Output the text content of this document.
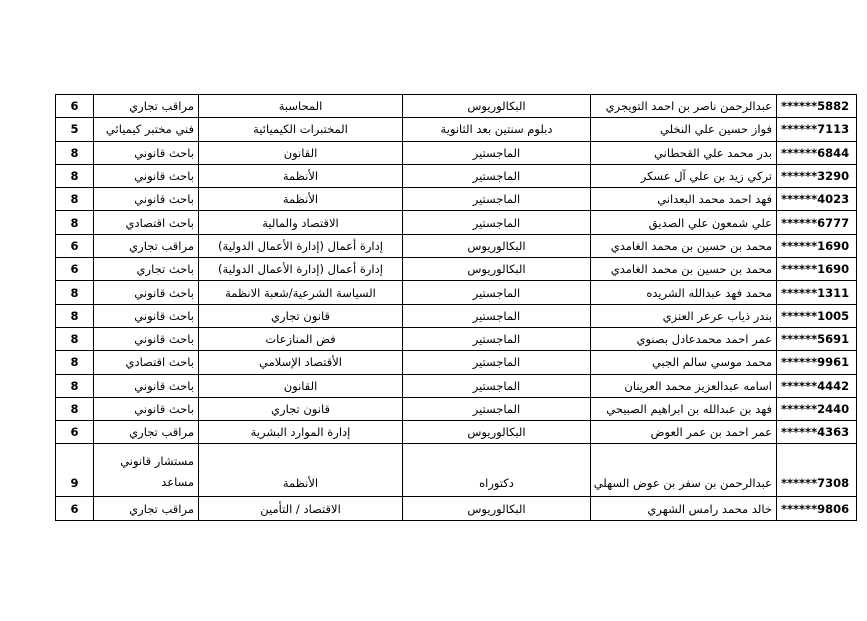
6	مراقب تجاري	المحاسبة	البكالوريوس	عبدالرحمن ناصر بن احمد التويجري	******5882
5	فني مختبر كيميائي	المختبرات الكيميائية	دبلوم سنتين بعد الثانوية	فواز حسين علي النخلي	******7113
8	باحث قانوني	القانون	الماجستير	بدر محمد علي القحطاني	******6844
8	باحث قانوني	الأنظمة	الماجستير	تركي زيد بن علي آل عسكر	******3290
8	باحث قانوني	الأنظمة	الماجستير	فهد احمد محمد البعداني	******4023
8	باحث اقتصادي	الاقتصاد والمالية	الماجستير	علي شمعون علي الصديق	******6777
6	مراقب تجاري	إدارة أعمال (إدارة الأعمال الدولية)	البكالوريوس	محمد بن حسين بن محمد الغامدي	******1690
6	باحث تجاري	إدارة أعمال (إدارة الأعمال الدولية)	البكالوريوس	محمد بن حسين بن محمد الغامدي	******1690
8	باحث قانوني	السياسة الشرعية/شعبة الانظمة	الماجستير	محمد فهد عبدالله الشريده	******1311
8	باحث قانوني	قانون تجاري	الماجستير	بندر ذياب عرعر العنزي	******1005
8	باحث قانوني	فض المنازعات	الماجستير	عمر احمد محمدعادل بصنوي	******5691
8	باحث اقتصادي	الأقتصاد الإسلامي	الماجستير	محمد موسي سالم الجبي	******9961
8	باحث قانوني	القانون	الماجستير	اسامه عبدالعزيز محمد العرينان	******4442
8	باحث قانوني	قانون تجاري	الماجستير	فهد بن عبدالله بن ابراهيم الصبيحي	******2440
6	مراقب تجاري	إدارة الموارد البشرية	البكالوريوس	عمر احمد بن عمر العوض	******4363
9	مستشار قانوني مساعد	الأنظمة	دكتوراه	عبدالرحمن بن سفر بن عوض السهلي	******7308
6	مراقب تجاري	الاقتصاد / التأمين	البكالوريوس	خالد محمد رامس الشهري	******9806
